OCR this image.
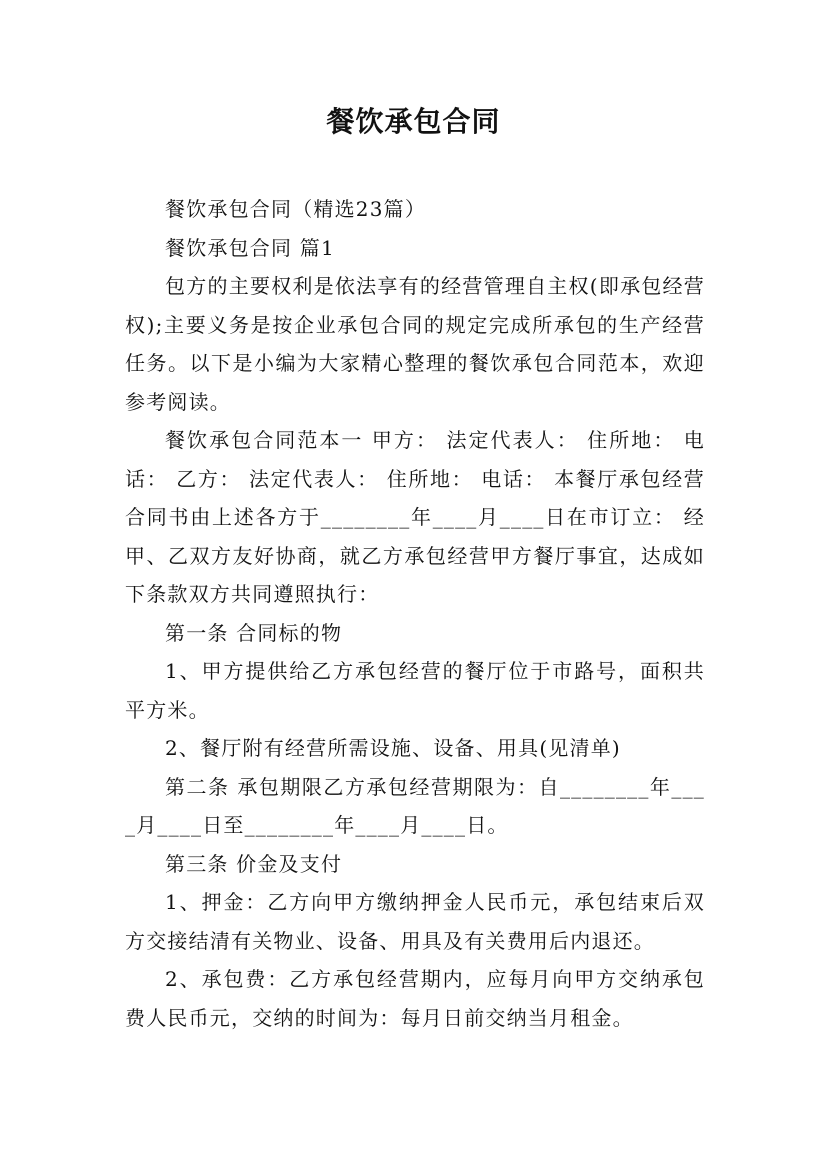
餐饮承包合同

餐饮承包合同（精选23篇）

餐饮承包合同 篇1

包方的主要权利是依法享有的经营管理自主权(即承包经营权);主要义务是按企业承包合同的规定完成所承包的生产经营任务。以下是小编为大家精心整理的餐饮承包合同范本，欢迎参考阅读。

餐饮承包合同范本一 甲方： 法定代表人： 住所地： 电话： 乙方： 法定代表人： 住所地： 电话： 本餐厅承包经营合同书由上述各方于________年____月____日在市订立： 经甲、乙双方友好协商，就乙方承包经营甲方餐厅事宜，达成如下条款双方共同遵照执行：

第一条 合同标的物

1、甲方提供给乙方承包经营的餐厅位于市路号，面积共平方米。

2、餐厅附有经营所需设施、设备、用具(见清单)

第二条 承包期限乙方承包经营期限为：自________年____月____日至________年____月____日。

第三条 价金及支付

1、押金：乙方向甲方缴纳押金人民币元，承包结束后双方交接结清有关物业、设备、用具及有关费用后内退还。

2、承包费：乙方承包经营期内，应每月向甲方交纳承包费人民币元，交纳的时间为：每月日前交纳当月租金。
